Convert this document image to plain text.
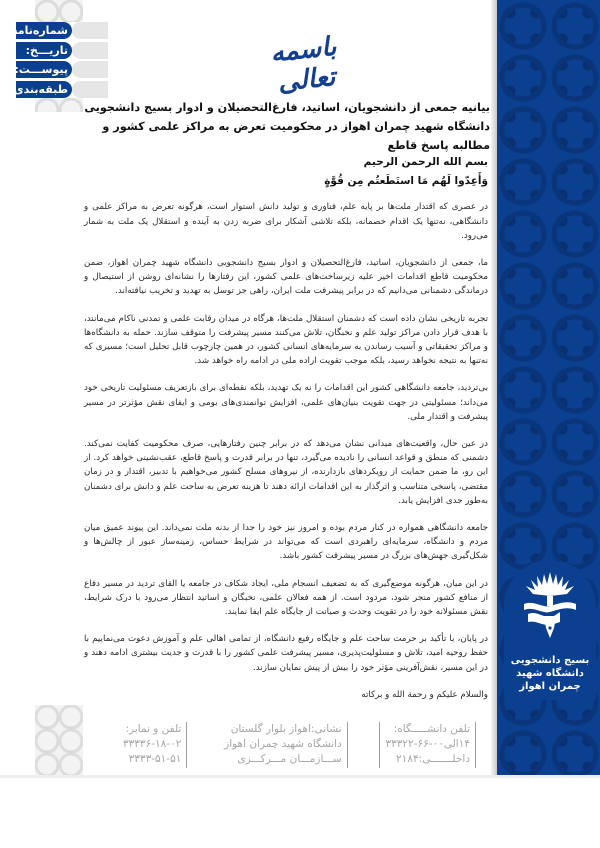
شماره‌نامه:
تاریـــخ:
پیوســـت:
طبقه‌بندی:
باسمه تعالی
بیانیه جمعی از دانشجویان، اساتید، فارغ‌التحصیلان و ادوار بسیج دانشجویی دانشگاه شهید چمران اهواز در محکومیت تعرض به مراکز علمی کشور و مطالبه پاسخ قاطع
بسم الله الرحمن الرحیم
وَأَعِدّوا لَهُم مَا استَطَعتُم مِن قُوَّةٍ

در عصری که اقتدار ملت‌ها بر پایه علم، فناوری و تولید دانش استوار است، هرگونه تعرض به مراکز علمی و دانشگاهی، نه‌تنها یک اقدام خصمانه، بلکه تلاشی آشکار برای ضربه زدن به آینده و استقلال یک ملت به شمار می‌رود.

ما، جمعی از دانشجویان، اساتید، فارغ‌التحصیلان و ادوار بسیج دانشجویی دانشگاه شهید چمران اهواز، ضمن محکومیت قاطع اقدامات اخیر علیه زیرساخت‌های علمی کشور، این رفتارها را نشانه‌ای روشن از استیصال و درماندگی دشمنانی می‌دانیم که در برابر پیشرفت ملت ایران، راهی جز توسل به تهدید و تخریب نیافته‌اند.

تجربه تاریخی نشان داده است که دشمنان استقلال ملت‌ها، هرگاه در میدان رقابت علمی و تمدنی ناکام می‌مانند، با هدف قرار دادن مراکز تولید علم و نخبگان، تلاش می‌کنند مسیر پیشرفت را متوقف سازند. حمله به دانشگاه‌ها و مراکز تحقیقاتی و آسیب رساندن به سرمایه‌های انسانی کشور، در همین چارچوب قابل تحلیل است؛ مسیری که نه‌تنها به نتیجه نخواهد رسید، بلکه موجب تقویت اراده ملی در ادامه راه خواهد شد.

بی‌تردید، جامعه دانشگاهی کشور این اقدامات را نه یک تهدید، بلکه نقطه‌ای برای بازتعریف مسئولیت تاریخی خود می‌داند؛ مسئولیتی در جهت تقویت بنیان‌های علمی، افزایش توانمندی‌های بومی و ایفای نقش مؤثرتر در مسیر پیشرفت و اقتدار ملی.

در عین حال، واقعیت‌های میدانی نشان می‌دهد که در برابر چنین رفتارهایی، صرف محکومیت کفایت نمی‌کند. دشمنی که منطق و قواعد انسانی را نادیده می‌گیرد، تنها در برابر قدرت و پاسخ قاطع، عقب‌نشینی خواهد کرد. از این رو، ما ضمن حمایت از رویکردهای بازدارنده، از نیروهای مسلح کشور می‌خواهیم با تدبیر، اقتدار و در زمان مقتضی، پاسخی متناسب و اثرگذار به این اقدامات ارائه دهند تا هزینه تعرض به ساحت علم و دانش برای دشمنان به‌طور جدی افزایش یابد.

جامعه دانشگاهی همواره در کنار مردم بوده و امروز نیز خود را جدا از بدنه ملت نمی‌داند. این پیوند عمیق میان مردم و دانشگاه، سرمایه‌ای راهبردی است که می‌تواند در شرایط حساس، زمینه‌ساز عبور از چالش‌ها و شکل‌گیری جهش‌های بزرگ در مسیر پیشرفت کشور باشد.

در این میان، هرگونه موضع‌گیری که به تضعیف انسجام ملی، ایجاد شکاف در جامعه یا القای تردید در مسیر دفاع از منافع کشور منجر شود، مردود است. از همه فعالان علمی، نخبگان و اساتید انتظار می‌رود با درک شرایط، نقش مسئولانه خود را در تقویت وحدت و صیانت از جایگاه علم ایفا نمایند.

در پایان، با تأکید بر حرمت ساحت علم و جایگاه رفیع دانشگاه، از تمامی اهالی علم و آموزش دعوت می‌نماییم با حفظ روحیه امید، تلاش و مسئولیت‌پذیری، مسیر پیشرفت علمی کشور را با قدرت و جدیت بیشتری ادامه دهند و در این مسیر، نقش‌آفرینی مؤثر خود را بیش از پیش نمایان سازند.

والسلام علیکم و رحمة الله و برکاته

تلفن دانشـــــگاه:
۱۴الی۰۰-۶۶-۳۳۳۲۲
داخلـــــــی:۲۱۸۴
نشانی:اهواز بلوار گلستان
دانشگاه شهید چمران اهواز
ســـازمـــان مـــرکـــزی
تلفن و نمابر:
۳۳۳۳۶-۱۸-۰۲
۳۳۳۳-۵۱-۵۱
بسیج دانشجویی
دانشگاه شهید
چمران اهواز
